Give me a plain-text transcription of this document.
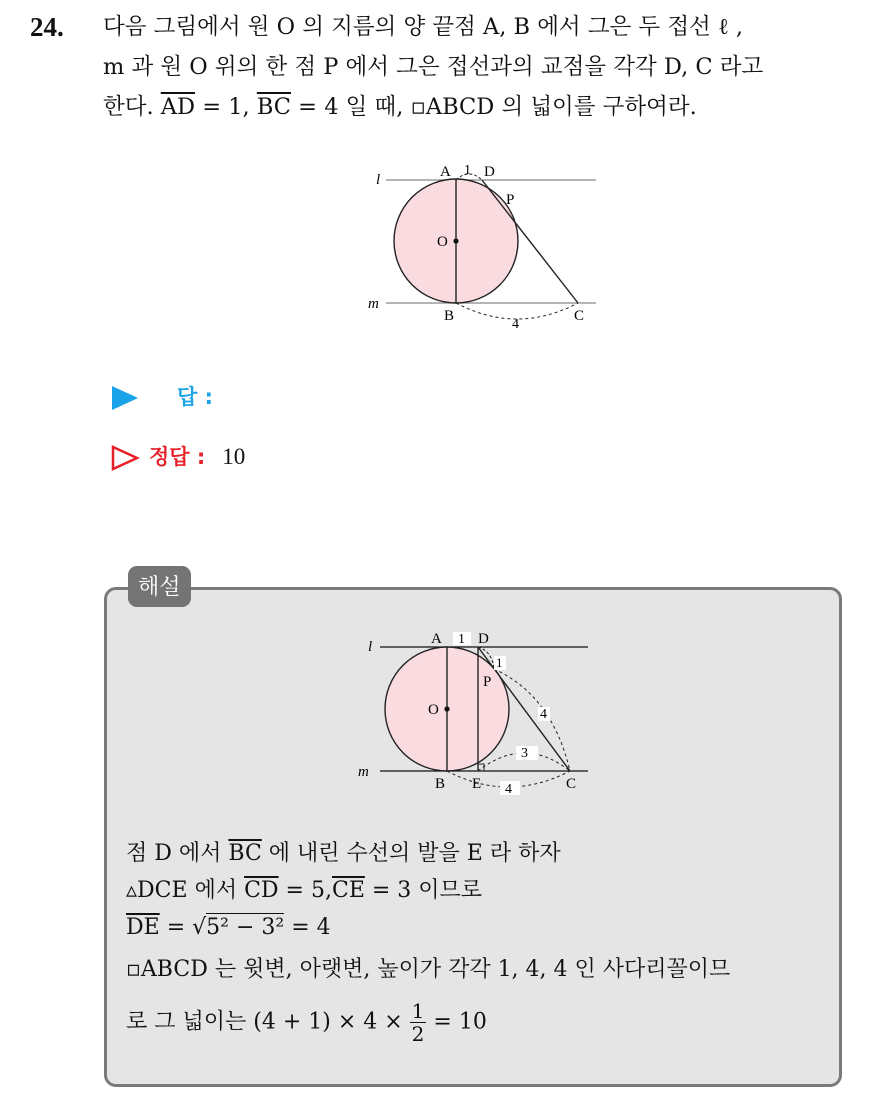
24. 다음 그림에서 원 O 의 지름의 양 끝점 A, B 에서 그은 두 접선 ℓ ,
m 과 원 O 위의 한 점 P 에서 그은 접선과의 교점을 각각 D, C 라고
한다. $\overline{AD} = 1$, $\overline{BC} = 4$ 일 때, ▫ABCD 의 넓이를 구하여라.
l
m
A 1 D
P
O
B
4
C
답 :
정답 : 10
해설
l
m
A 1 D
1
P
O	4
3
B E 4	C
점 D 에서 $\overline{BC}$ 에 내린 수선의 발을 E 라 하자
▵DCE 에서 $\overline{CD} = 5,\overline{CE} = 3$ 이므로
$\overline{DE} = √5^2 - 3^2 = 4$
▫ABCD 는 윗변, 아랫변, 높이가 각각 1, 4, 4 인 사다리꼴이므
로 그 넓이는 $(4 + 1) \times 4 \times \frac{1}{2} = 10$
